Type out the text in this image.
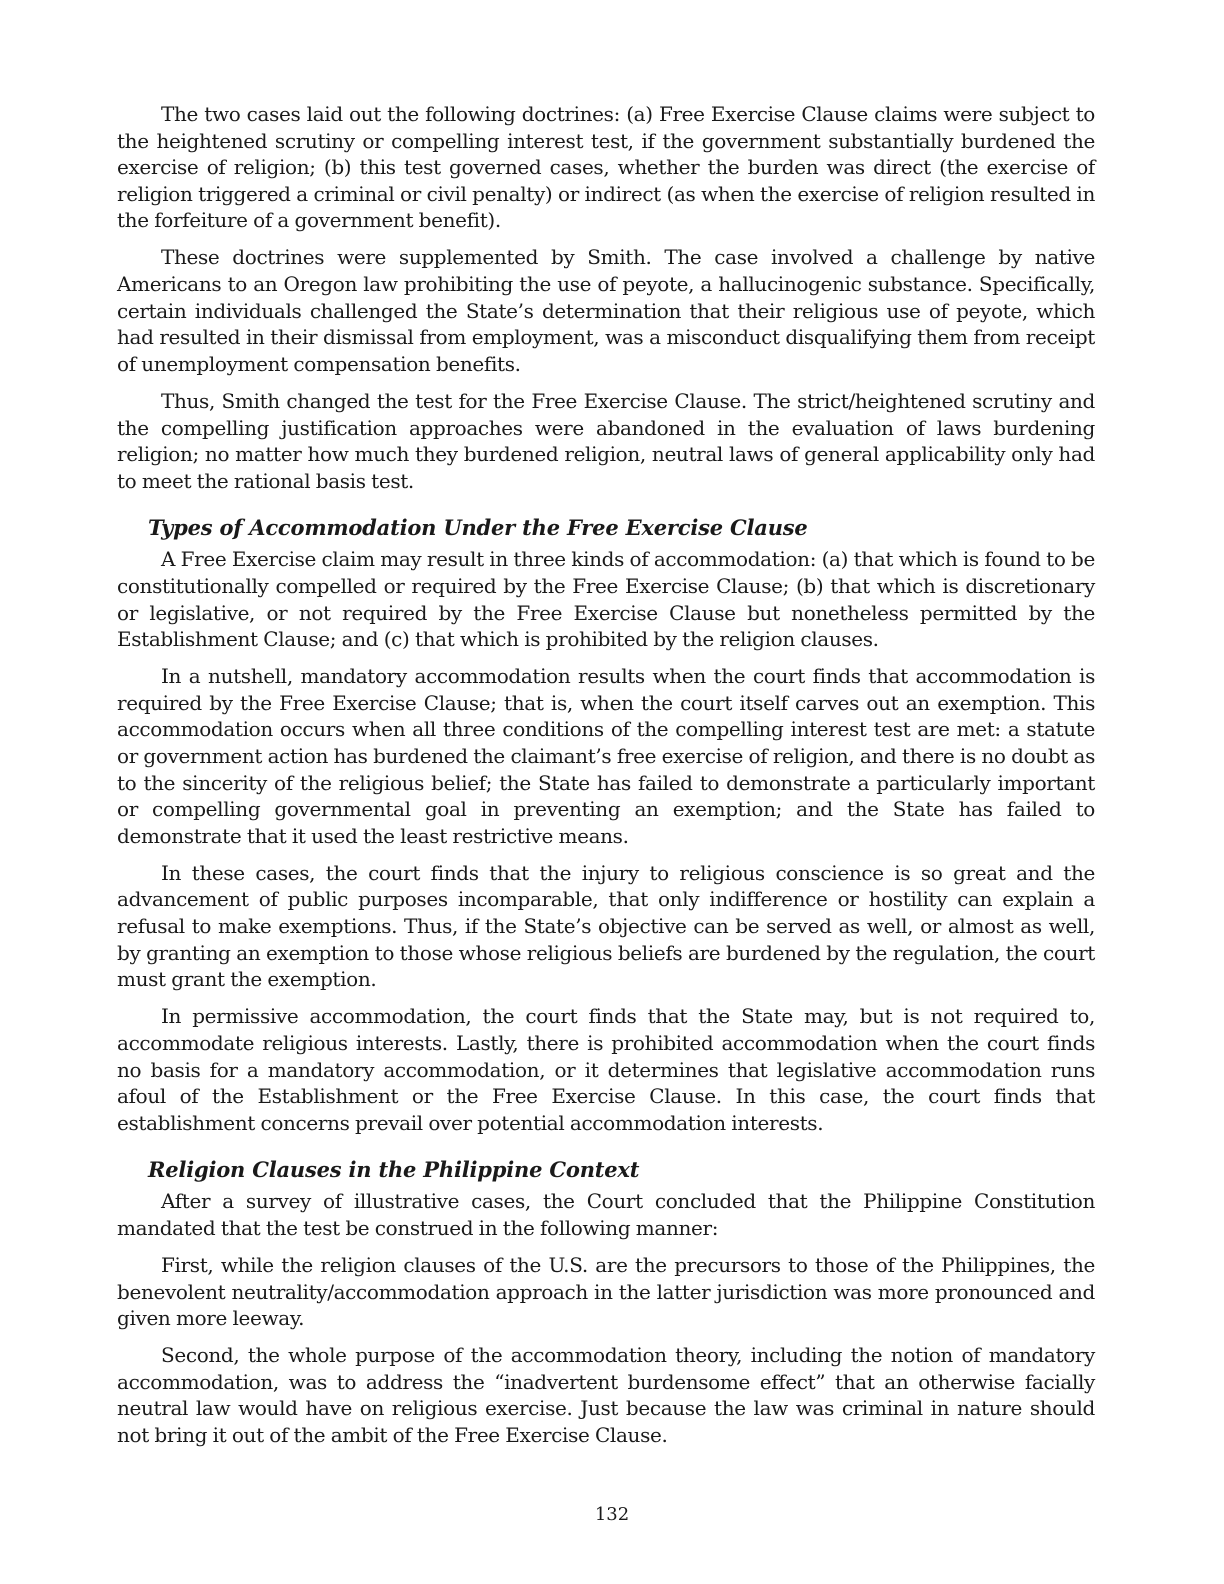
The two cases laid out the following doctrines: (a) Free Exercise Clause claims were subject to the heightened scrutiny or compelling interest test, if the government substantially burdened the exercise of religion; (b) this test governed cases, whether the burden was direct (the exercise of religion triggered a criminal or civil penalty) or indirect (as when the exercise of religion resulted in the forfeiture of a government benefit).

These doctrines were supplemented by Smith. The case involved a challenge by native Americans to an Oregon law prohibiting the use of peyote, a hallucinogenic substance. Specifically, certain individuals challenged the State’s determination that their religious use of peyote, which had resulted in their dismissal from employment, was a misconduct disqualifying them from receipt of unemployment compensation benefits.

Thus, Smith changed the test for the Free Exercise Clause. The strict/heightened scrutiny and the compelling justification approaches were abandoned in the evaluation of laws burdening religion; no matter how much they burdened religion, neutral laws of general applicability only had to meet the rational basis test.

Types of Accommodation Under the Free Exercise Clause

A Free Exercise claim may result in three kinds of accommodation: (a) that which is found to be constitutionally compelled or required by the Free Exercise Clause; (b) that which is discretionary or legislative, or not required by the Free Exercise Clause but nonetheless permitted by the Establishment Clause; and (c) that which is prohibited by the religion clauses.

In a nutshell, mandatory accommodation results when the court finds that accommodation is required by the Free Exercise Clause; that is, when the court itself carves out an exemption. This accommodation occurs when all three conditions of the compelling interest test are met: a statute or government action has burdened the claimant’s free exercise of religion, and there is no doubt as to the sincerity of the religious belief; the State has failed to demonstrate a particularly important or compelling governmental goal in preventing an exemption; and the State has failed to demonstrate that it used the least restrictive means.

In these cases, the court finds that the injury to religious conscience is so great and the advancement of public purposes incomparable, that only indifference or hostility can explain a refusal to make exemptions. Thus, if the State’s objective can be served as well, or almost as well, by granting an exemption to those whose religious beliefs are burdened by the regulation, the court must grant the exemption.

In permissive accommodation, the court finds that the State may, but is not required to, accommodate religious interests. Lastly, there is prohibited accommodation when the court finds no basis for a mandatory accommodation, or it determines that legislative accommodation runs afoul of the Establishment or the Free Exercise Clause. In this case, the court finds that establishment concerns prevail over potential accommodation interests.

Religion Clauses in the Philippine Context

After a survey of illustrative cases, the Court concluded that the Philippine Constitution mandated that the test be construed in the following manner:

First, while the religion clauses of the U.S. are the precursors to those of the Philippines, the benevolent neutrality/accommodation approach in the latter jurisdiction was more pronounced and given more leeway.

Second, the whole purpose of the accommodation theory, including the notion of mandatory accommodation, was to address the “inadvertent burdensome effect” that an otherwise facially neutral law would have on religious exercise. Just because the law was criminal in nature should not bring it out of the ambit of the Free Exercise Clause.

132
